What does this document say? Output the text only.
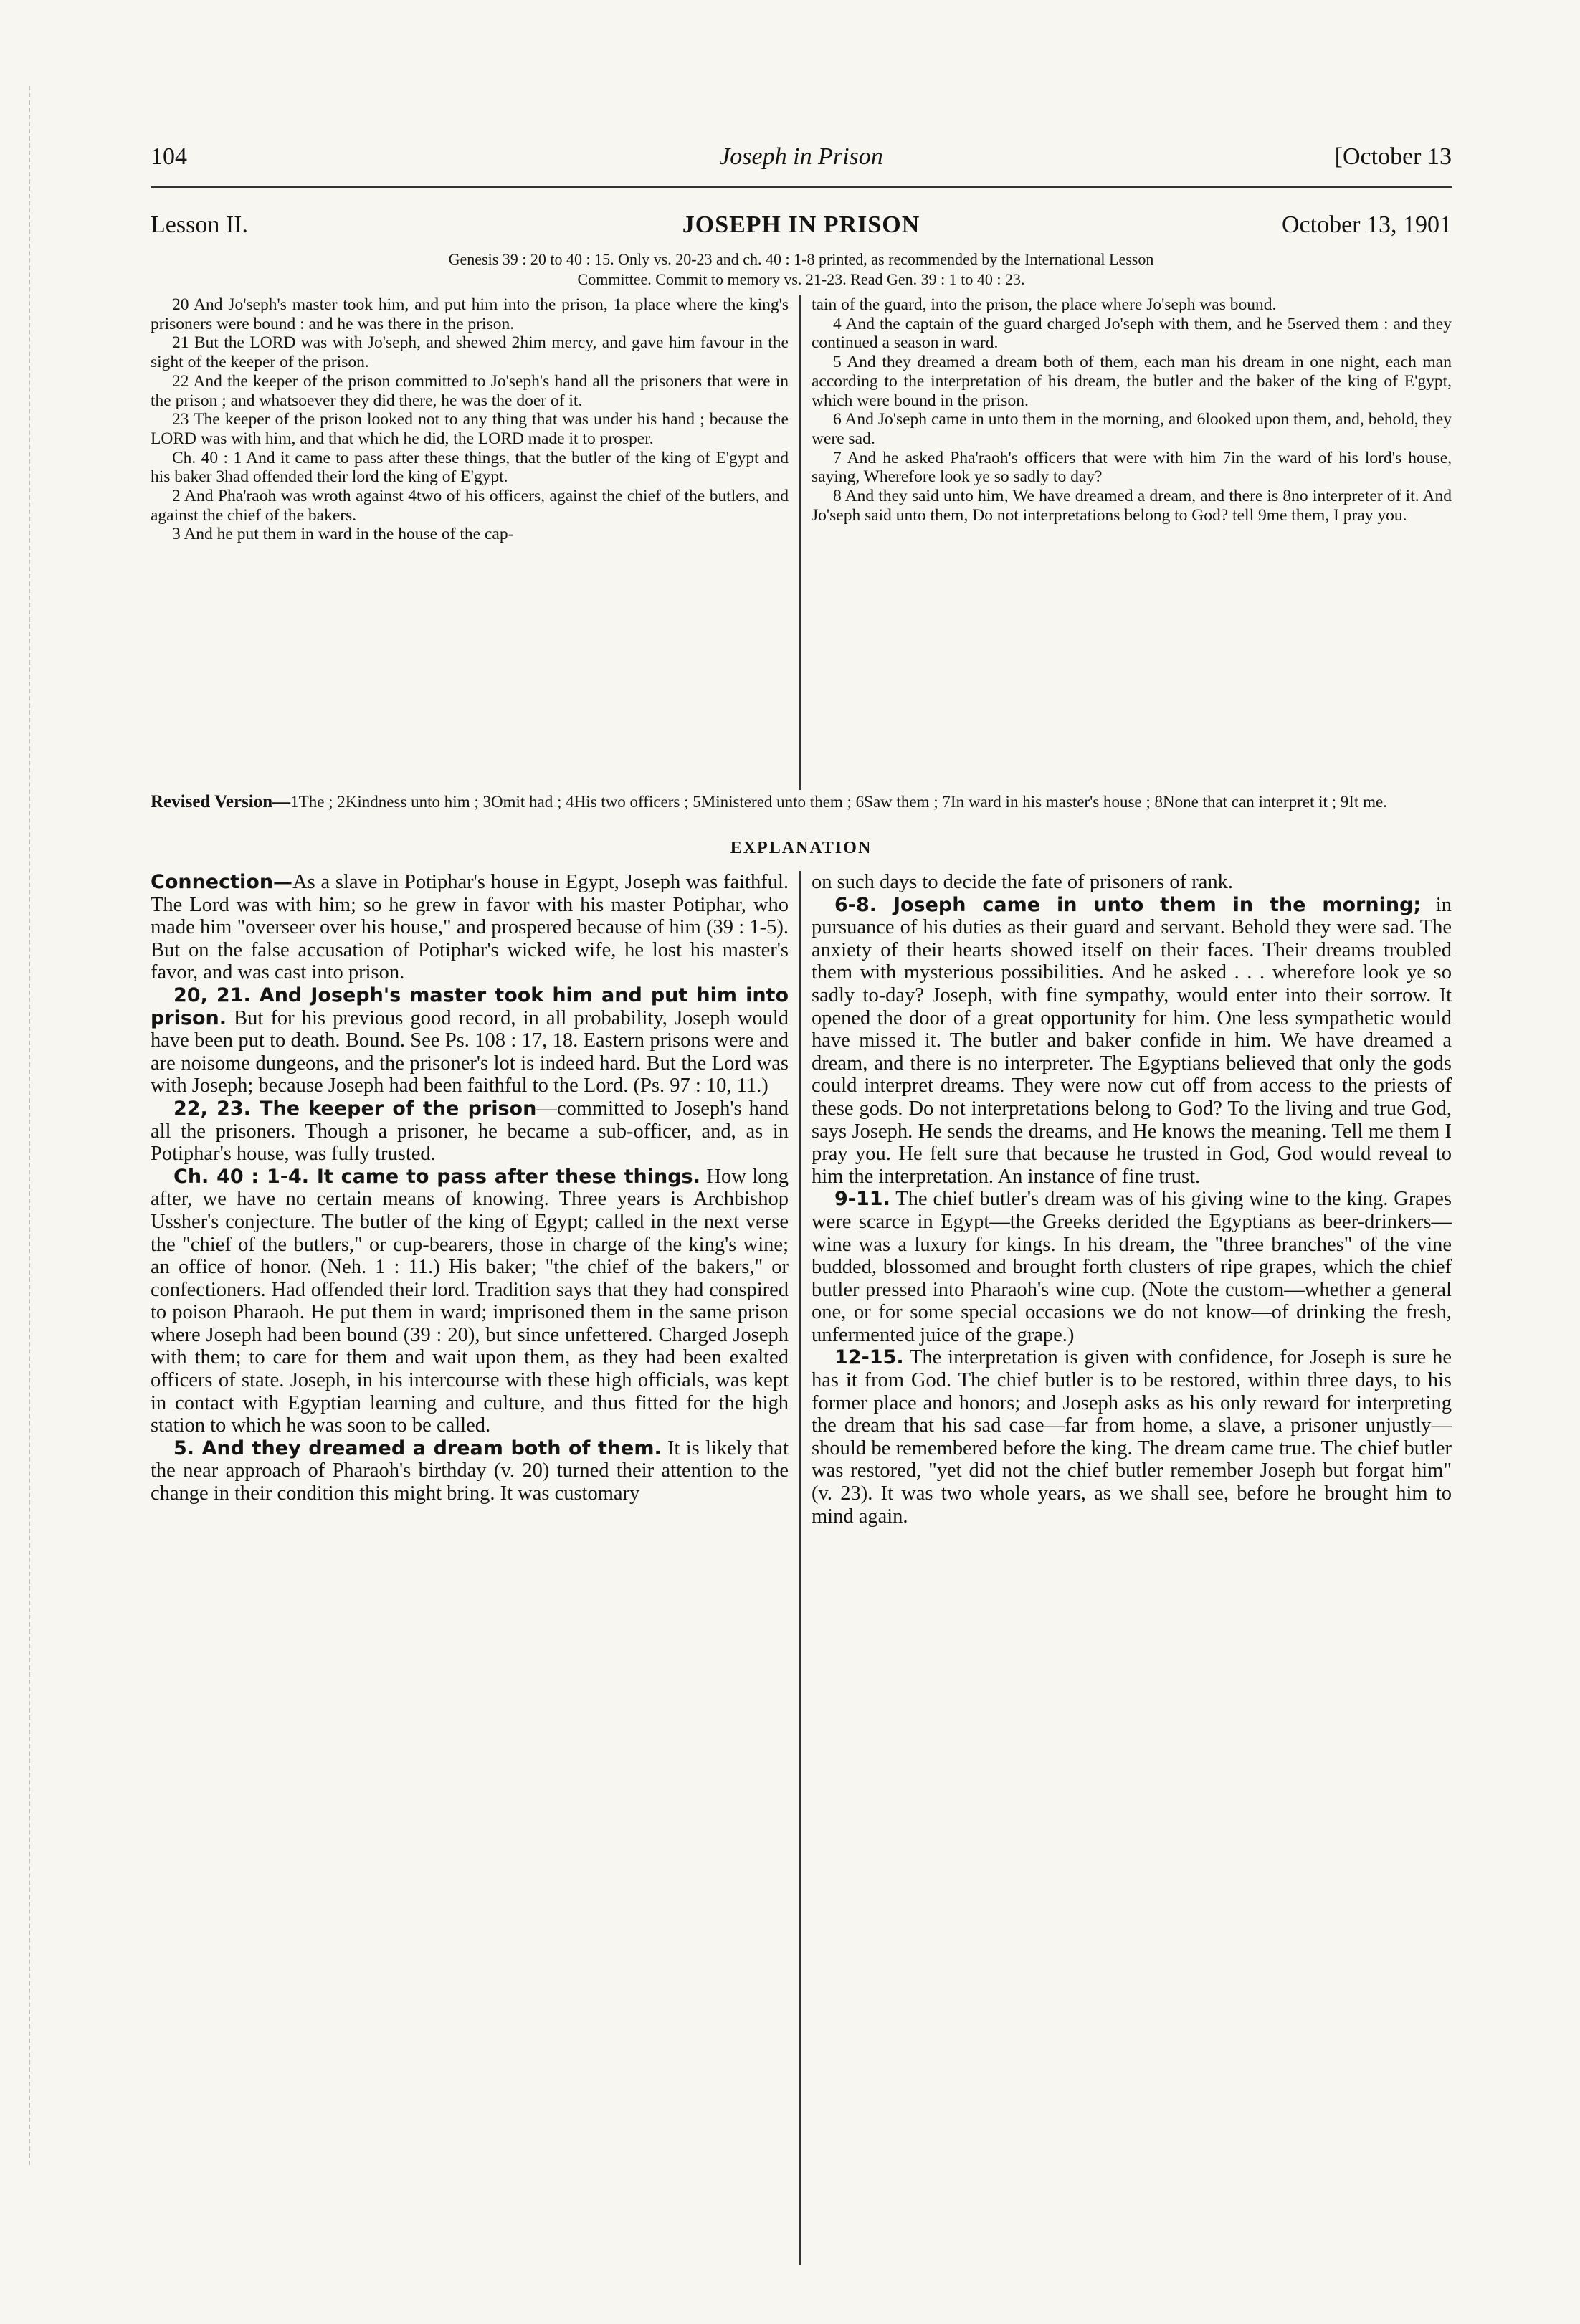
104	Joseph in Prison	[October 13
Lesson II.	JOSEPH IN PRISON	October 13, 1901
Genesis 39 : 20 to 40 : 15. Only vs. 20-23 and ch. 40 : 1-8 printed, as recommended by the International Lesson
Committee. Commit to memory vs. 21-23. Read Gen. 39 : 1 to 40 : 23.

20 And Jo'seph's master took him, and put him into the prison, 1a place where the king's prisoners were bound : and he was there in the prison.

21 But the LORD was with Jo'seph, and shewed 2him mercy, and gave him favour in the sight of the keeper of the prison.

22 And the keeper of the prison committed to Jo'seph's hand all the prisoners that were in the prison ; and whatsoever they did there, he was the doer of it.

23 The keeper of the prison looked not to any thing that was under his hand ; because the LORD was with him, and that which he did, the LORD made it to prosper.

Ch. 40 : 1 And it came to pass after these things, that the butler of the king of E'gypt and his baker 3had offended their lord the king of E'gypt.

2 And Pha'raoh was wroth against 4two of his officers, against the chief of the butlers, and against the chief of the bakers.

3 And he put them in ward in the house of the cap-

tain of the guard, into the prison, the place where Jo'seph was bound.

4 And the captain of the guard charged Jo'seph with them, and he 5served them : and they continued a season in ward.

5 And they dreamed a dream both of them, each man his dream in one night, each man according to the interpretation of his dream, the butler and the baker of the king of E'gypt, which were bound in the prison.

6 And Jo'seph came in unto them in the morning, and 6looked upon them, and, behold, they were sad.

7 And he asked Pha'raoh's officers that were with him 7in the ward of his lord's house, saying, Wherefore look ye so sadly to day?

8 And they said unto him, We have dreamed a dream, and there is 8no interpreter of it. And Jo'seph said unto them, Do not interpretations belong to God? tell 9me them, I pray you.

Revised Version—1The ; 2Kindness unto him ; 3Omit had ; 4His two officers ; 5Ministered unto them ; 6Saw them ; 7In ward in his master's house ; 8None that can interpret it ; 9It me.
EXPLANATION

Connection—As a slave in Potiphar's house in Egypt, Joseph was faithful. The Lord was with him; so he grew in favor with his master Potiphar, who made him "overseer over his house," and prospered because of him (39 : 1-5). But on the false accusation of Potiphar's wicked wife, he lost his master's favor, and was cast into prison.

20, 21. And Joseph's master took him and put him into prison. But for his previous good record, in all probability, Joseph would have been put to death. Bound. See Ps. 108 : 17, 18. Eastern prisons were and are noisome dungeons, and the prisoner's lot is indeed hard. But the Lord was with Joseph; because Joseph had been faithful to the Lord. (Ps. 97 : 10, 11.)

22, 23. The keeper of the prison—committed to Joseph's hand all the prisoners. Though a prisoner, he became a sub-officer, and, as in Potiphar's house, was fully trusted.

Ch. 40 : 1-4. It came to pass after these things. How long after, we have no certain means of knowing. Three years is Archbishop Ussher's conjecture. The butler of the king of Egypt; called in the next verse the "chief of the butlers," or cup-bearers, those in charge of the king's wine; an office of honor. (Neh. 1 : 11.) His baker; "the chief of the bakers," or confectioners. Had offended their lord. Tradition says that they had conspired to poison Pharaoh. He put them in ward; imprisoned them in the same prison where Joseph had been bound (39 : 20), but since unfettered. Charged Joseph with them; to care for them and wait upon them, as they had been exalted officers of state. Joseph, in his intercourse with these high officials, was kept in contact with Egyptian learning and culture, and thus fitted for the high station to which he was soon to be called.

5. And they dreamed a dream both of them. It is likely that the near approach of Pharaoh's birthday (v. 20) turned their attention to the change in their condition this might bring. It was customary

on such days to decide the fate of prisoners of rank.

6-8. Joseph came in unto them in the morning; in pursuance of his duties as their guard and servant. Behold they were sad. The anxiety of their hearts showed itself on their faces. Their dreams troubled them with mysterious possibilities. And he asked . . . wherefore look ye so sadly to-day? Joseph, with fine sympathy, would enter into their sorrow. It opened the door of a great opportunity for him. One less sympathetic would have missed it. The butler and baker confide in him. We have dreamed a dream, and there is no interpreter. The Egyptians believed that only the gods could interpret dreams. They were now cut off from access to the priests of these gods. Do not interpretations belong to God? To the living and true God, says Joseph. He sends the dreams, and He knows the meaning. Tell me them I pray you. He felt sure that because he trusted in God, God would reveal to him the interpretation. An instance of fine trust.

9-11. The chief butler's dream was of his giving wine to the king. Grapes were scarce in Egypt—the Greeks derided the Egyptians as beer-drinkers—wine was a luxury for kings. In his dream, the "three branches" of the vine budded, blossomed and brought forth clusters of ripe grapes, which the chief butler pressed into Pharaoh's wine cup. (Note the custom—whether a general one, or for some special occasions we do not know—of drinking the fresh, unfermented juice of the grape.)

12-15. The interpretation is given with confidence, for Joseph is sure he has it from God. The chief butler is to be restored, within three days, to his former place and honors; and Joseph asks as his only reward for interpreting the dream that his sad case—far from home, a slave, a prisoner unjustly—should be remembered before the king. The dream came true. The chief butler was restored, "yet did not the chief butler remember Joseph but forgat him" (v. 23). It was two whole years, as we shall see, before he brought him to mind again.
